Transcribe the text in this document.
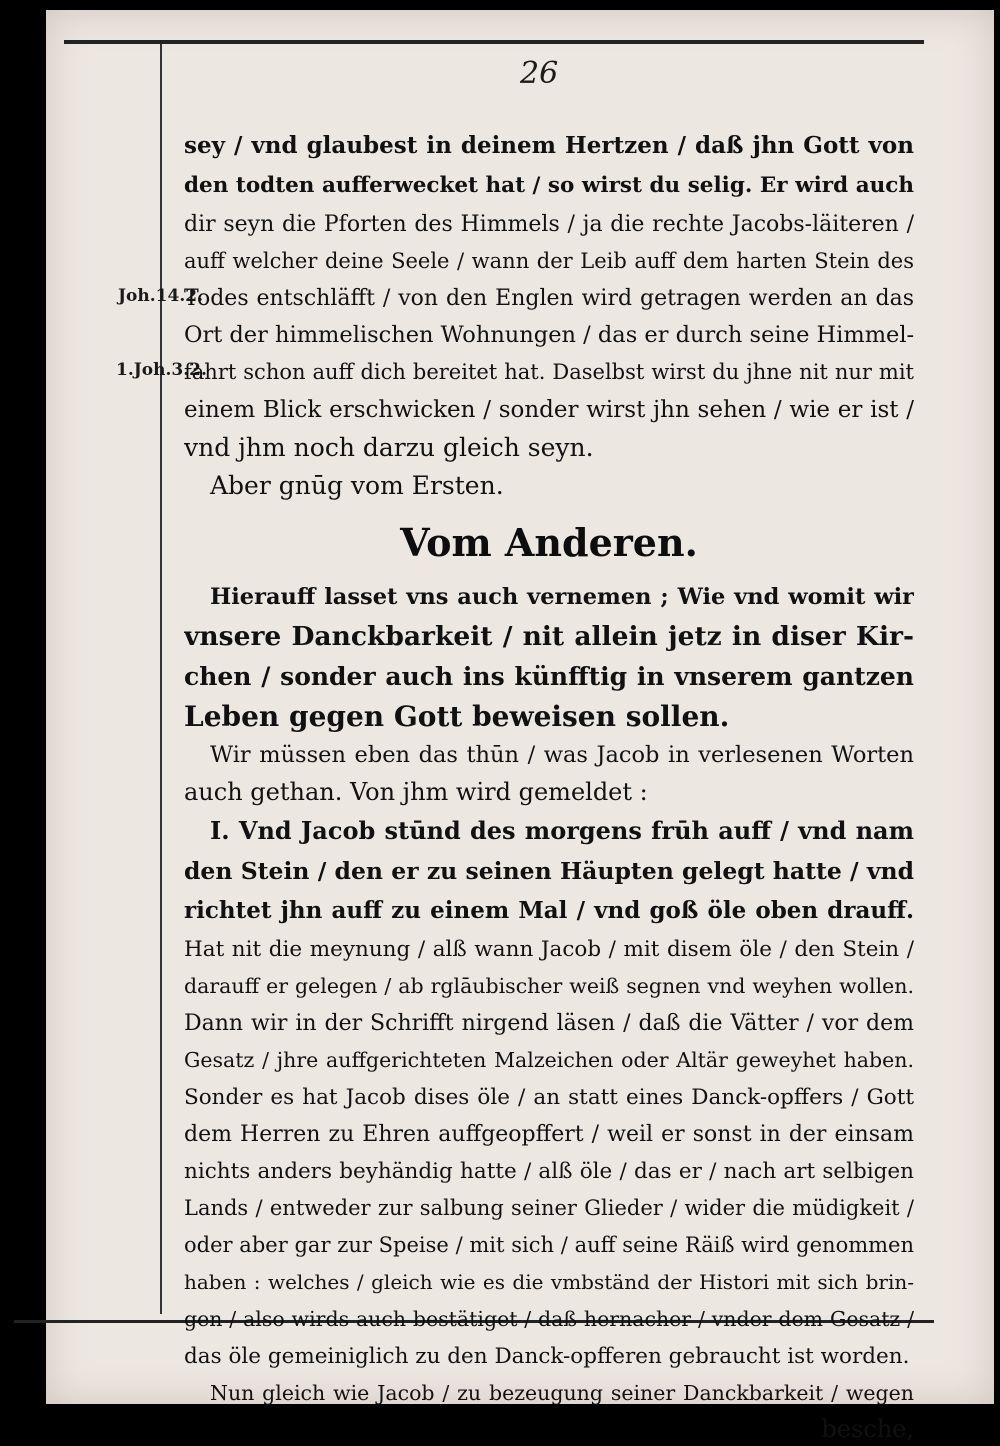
26
Joh.14.2.
1.Joh.3.2.
sey / vnd glaubest in deinem Hertzen / daß jhn Gott von
den todten aufferwecket hat / so wirst du selig. Er wird auch
dir seyn die Pforten des Himmels / ja die rechte Jacobs-läiteren /
auff welcher deine Seele / wann der Leib auff dem harten Stein des
Todes entschläfft / von den Englen wird getragen werden an das
Ort der himmelischen Wohnungen / das er durch seine Himmel-
fahrt schon auff dich bereitet hat. Daselbst wirst du jhne nit nur mit
einem Blick erschwicken / sonder wirst jhn sehen / wie er ist /
vnd jhm noch darzu gleich seyn.
Aber gnūg vom Ersten.
Vom Anderen.
Hierauff lasset vns auch vernemen ; Wie vnd womit wir
vnsere Danckbarkeit / nit allein jetz in diser Kir-
chen / sonder auch ins künfftig in vnserem gantzen
Leben gegen Gott beweisen sollen.
Wir müssen eben das thūn / was Jacob in verlesenen Worten
auch gethan. Von jhm wird gemeldet :
I. Vnd Jacob stūnd des morgens frūh auff / vnd nam
den Stein / den er zu seinen Häupten gelegt hatte / vnd
richtet jhn auff zu einem Mal / vnd goß öle oben drauff.
Hat nit die meynung / alß wann Jacob / mit disem öle / den Stein /
darauff er gelegen / ab rglāubischer weiß segnen vnd weyhen wollen.
Dann wir in der Schrifft nirgend läsen / daß die Vätter / vor dem
Gesatz / jhre auffgerichteten Malzeichen oder Altär geweyhet haben.
Sonder es hat Jacob dises öle / an statt eines Danck-opffers / Gott
dem Herren zu Ehren auffgeopffert / weil er sonst in der einsam
nichts anders beyhändig hatte / alß öle / das er / nach art selbigen
Lands / entweder zur salbung seiner Glieder / wider die müdigkeit /
oder aber gar zur Speise / mit sich / auff seine Räiß wird genommen
haben : welches / gleich wie es die vmbständ der Histori mit sich brin-
gen / also wirds auch bestätiget / daß hernacher / vnder dem Gesatz /
das öle gemeiniglich zu den Danck-opfferen gebraucht ist worden.
Nun gleich wie Jacob / zu bezeugung seiner Danckbarkeit / wegen
besche,
